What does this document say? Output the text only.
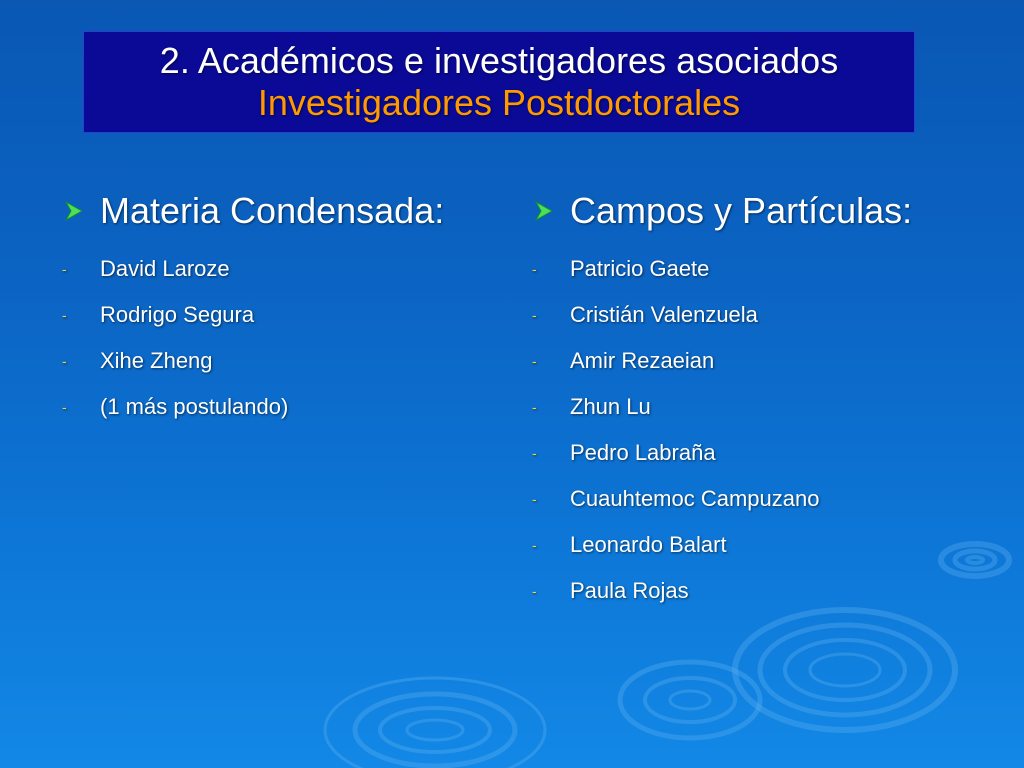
2. Académicos e investigadores asociados
Investigadores Postdoctorales
Materia Condensada:
-	David Laroze
-	Rodrigo Segura
-	Xihe Zheng
-	(1 más postulando)
Campos y Partículas:
-	Patricio Gaete
-	Cristián Valenzuela
-	Amir Rezaeian
-	Zhun Lu
-	Pedro Labraña
-	Cuauhtemoc Campuzano
-	Leonardo Balart
-	Paula Rojas
